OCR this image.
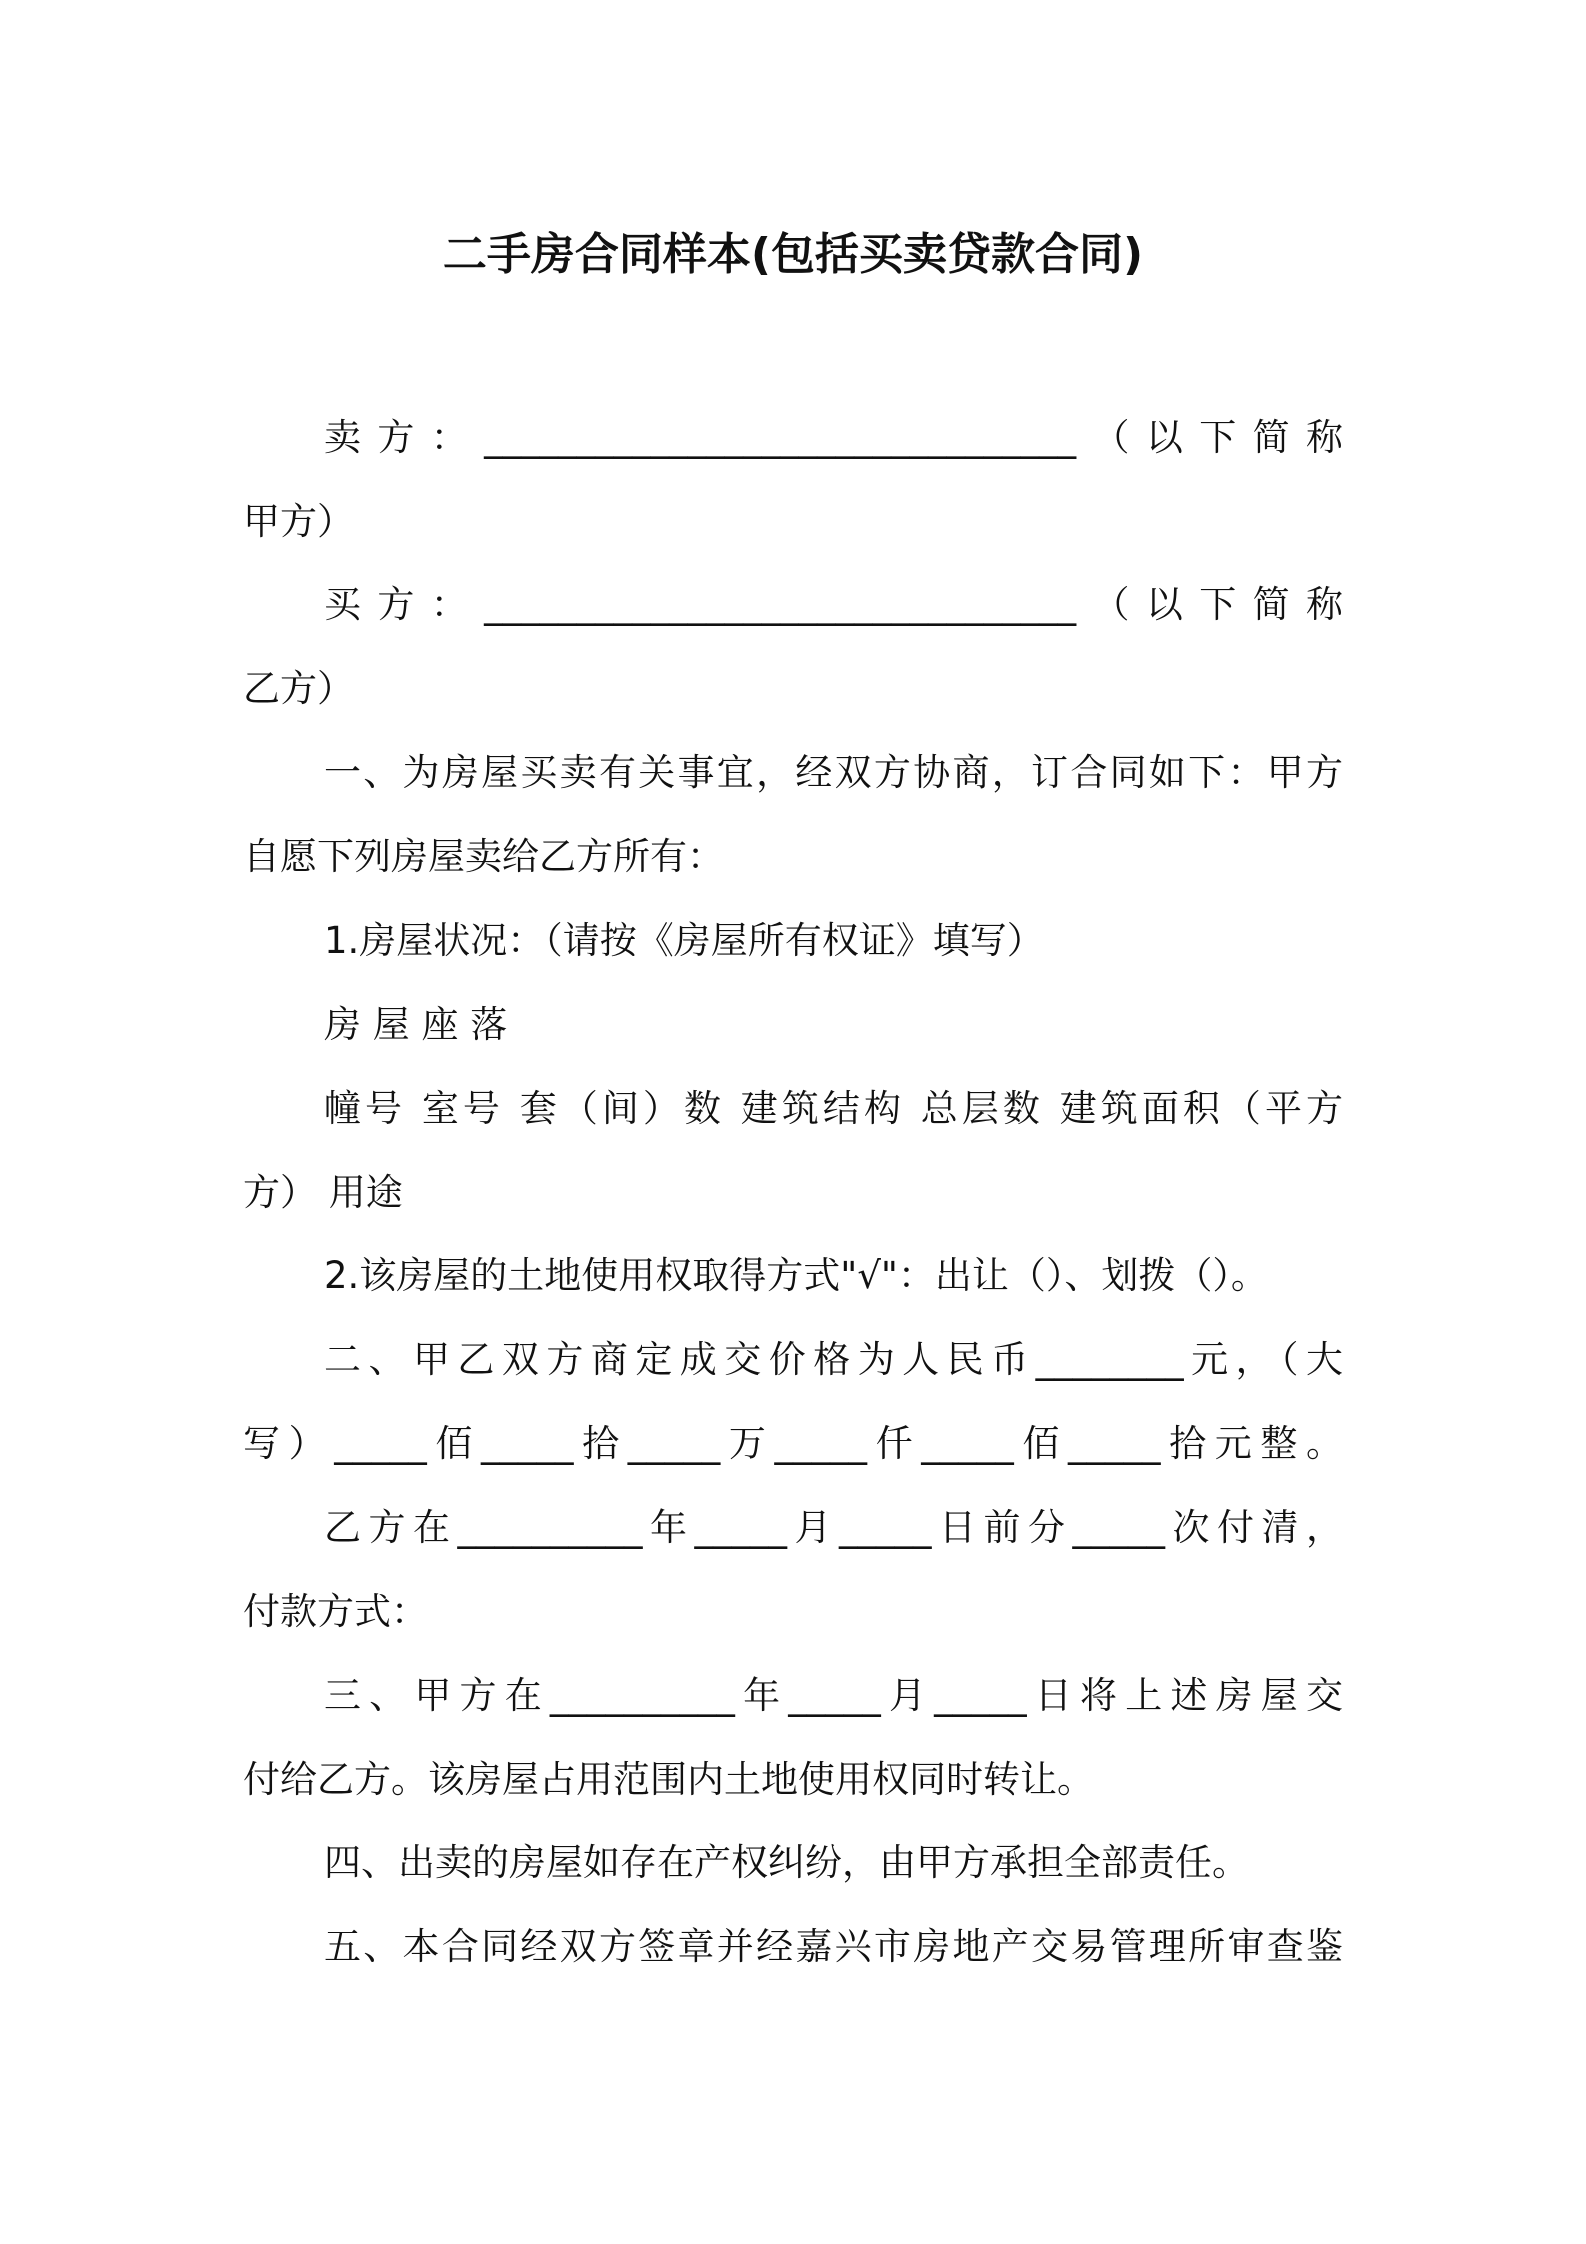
二手房合同样本(包括买卖贷款合同)
卖方：________________________________（以下简称
甲方）
买方：________________________________（以下简称
乙方）
一、为房屋买卖有关事宜，经双方协商，订合同如下：甲方
自愿下列房屋卖给乙方所有：
1.房屋状况：（请按《房屋所有权证》填写）
房 屋 座 落
幢号 室号 套（间）数 建筑结构 总层数 建筑面积（平方
方） 用途
2.该房屋的土地使用权取得方式"√"：出让（）、划拨（）。
二、甲乙双方商定成交价格为人民币________元，（大
写）_____佰_____拾_____万_____仟_____佰_____拾元整。
乙方在__________年_____月_____日前分_____次付清，
付款方式：
三、甲方在__________年_____月_____日将上述房屋交
付给乙方。该房屋占用范围内土地使用权同时转让。
四、出卖的房屋如存在产权纠纷，由甲方承担全部责任。
五、本合同经双方签章并经嘉兴市房地产交易管理所审查鉴
